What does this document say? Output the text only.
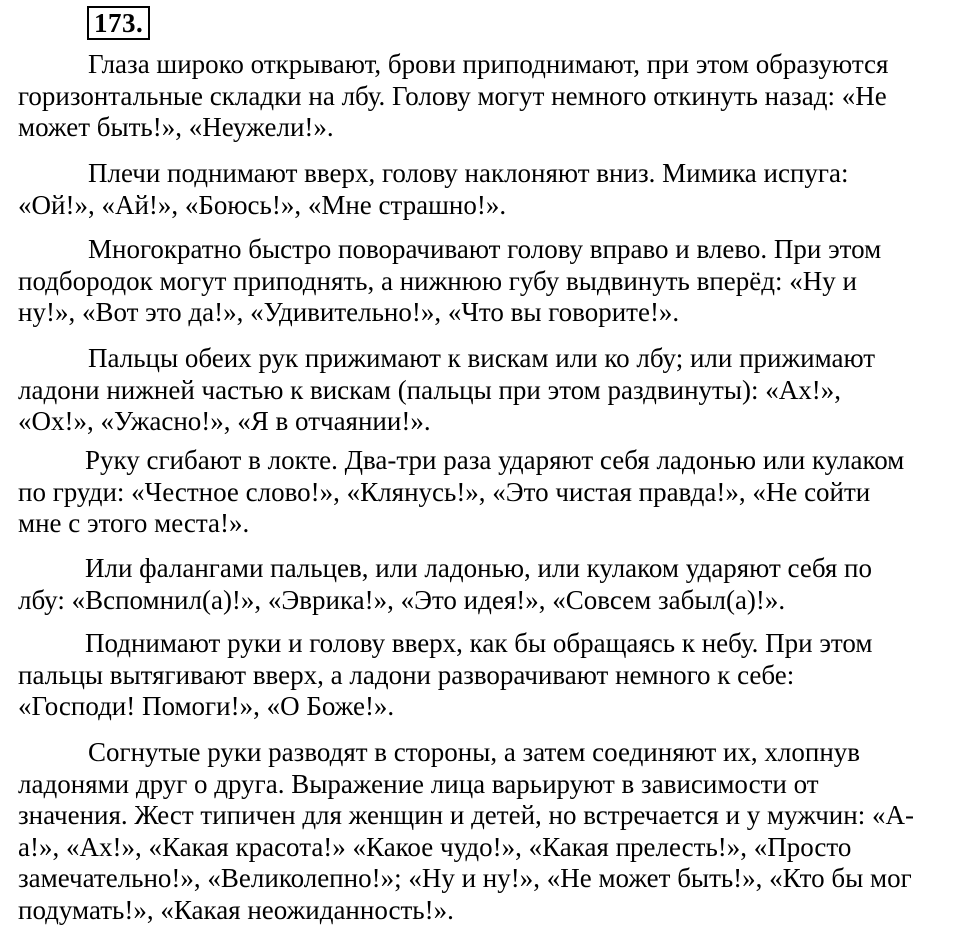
173.
Глаза широко открывают, брови приподнимают, при этом образуются
горизонтальные складки на лбу. Голову могут немного откинуть назад: «Не
может быть!», «Неужели!».
Плечи поднимают вверх, голову наклоняют вниз. Мимика испуга:
«Ой!», «Ай!», «Боюсь!», «Мне страшно!».
Многократно быстро поворачивают голову вправо и влево. При этом
подбородок могут приподнять, а нижнюю губу выдвинуть вперёд: «Ну и
ну!», «Вот это да!», «Удивительно!», «Что вы говорите!».
Пальцы обеих рук прижимают к вискам или ко лбу; или прижимают
ладони нижней частью к вискам (пальцы при этом раздвинуты): «Ах!»,
«Ох!», «Ужасно!», «Я в отчаянии!».
Руку сгибают в локте. Два-три раза ударяют себя ладонью или кулаком
по груди: «Честное слово!», «Клянусь!», «Это чистая правда!», «Не сойти
мне с этого места!».
Или фалангами пальцев, или ладонью, или кулаком ударяют себя по
лбу: «Вспомнил(а)!», «Эврика!», «Это идея!», «Совсем забыл(а)!».
Поднимают руки и голову вверх, как бы обращаясь к небу. При этом
пальцы вытягивают вверх, а ладони разворачивают немного к себе:
«Господи! Помоги!», «О Боже!».
Согнутые руки разводят в стороны, а затем соединяют их, хлопнув
ладонями друг о друга. Выражение лица варьируют в зависимости от
значения. Жест типичен для женщин и детей, но встречается и у мужчин: «А-
а!», «Ах!», «Какая красота!» «Какое чудо!», «Какая прелесть!», «Просто
замечательно!», «Великолепно!»; «Ну и ну!», «Не может быть!», «Кто бы мог
подумать!», «Какая неожиданность!».
